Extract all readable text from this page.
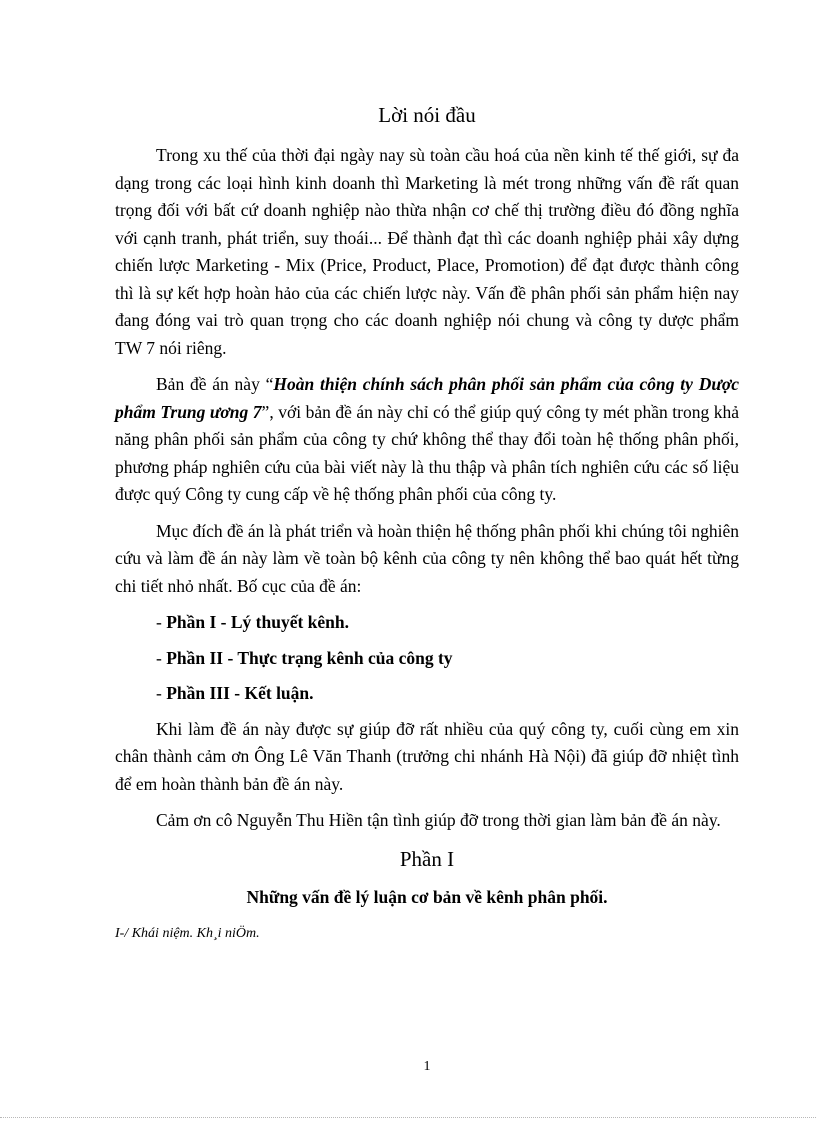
Lời nói đầu

Trong xu thế của thời đại ngày nay sù toàn cầu hoá của nền kinh tế thế giới, sự đa dạng trong các loại hình kinh doanh thì Marketing là mét trong những vấn đề rất quan trọng đối với bất cứ doanh nghiệp nào thừa nhận cơ chế thị trường điều đó đồng nghĩa với cạnh tranh, phát triển, suy thoái... Để thành đạt thì các doanh nghiệp phải xây dựng chiến lược Marketing - Mix (Price, Product, Place, Promotion) để đạt được thành công thì là sự kết hợp hoàn hảo của các chiến lược này. Vấn đề phân phối sản phẩm hiện nay đang đóng vai trò quan trọng cho các doanh nghiệp nói chung và công ty dược phẩm TW 7 nói riêng.

Bản đề án này “Hoàn thiện chính sách phân phối sản phẩm của công ty Dược phẩm Trung ương 7”, với bản đề án này chỉ có thể giúp quý công ty mét phần trong khả năng phân phối sản phẩm của công ty chứ không thể thay đổi toàn hệ thống phân phối, phương pháp nghiên cứu của bài viết này là thu thập và phân tích nghiên cứu các số liệu được quý Công ty cung cấp về hệ thống phân phối của công ty.

Mục đích đề án là phát triển và hoàn thiện hệ thống phân phối khi chúng tôi nghiên cứu và làm đề án này làm về toàn bộ kênh của công ty nên không thể bao quát hết từng chi tiết nhỏ nhất. Bố cục của đề án:

- Phần I - Lý thuyết kênh.
- Phần II - Thực trạng kênh của công ty
- Phần III - Kết luận.

Khi làm đề án này được sự giúp đỡ rất nhiều của quý công ty, cuối cùng em xin chân thành cảm ơn Ông Lê Văn Thanh (trưởng chi nhánh Hà Nội) đã giúp đỡ nhiệt tình để em hoàn thành bản đề án này.

Cảm ơn cô Nguyễn Thu Hiền tận tình giúp đỡ trong thời gian làm bản đề án này.

Phần I
Những vấn đề lý luận cơ bản về kênh phân phối.
I-/ Khái niệm. Kh¸i niÖm.
1
